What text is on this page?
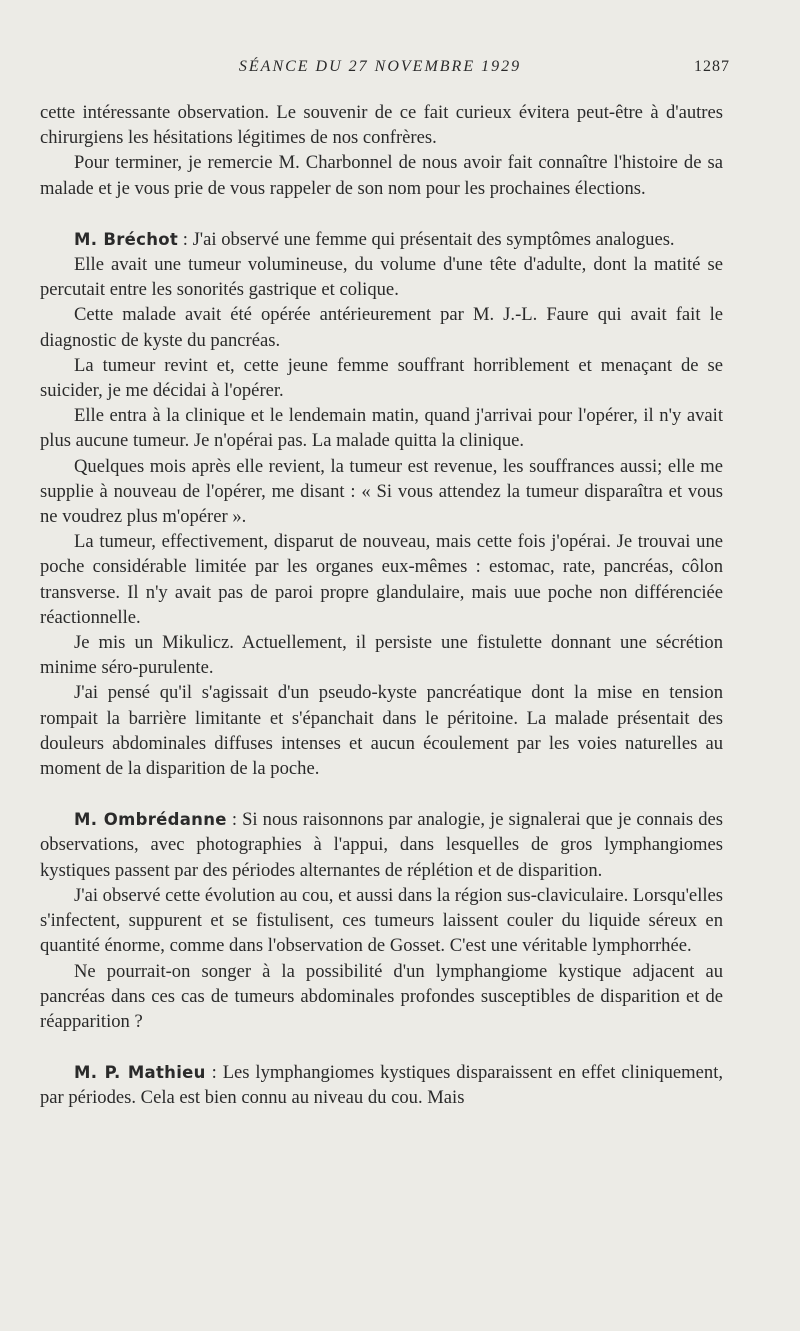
SÉANCE DU 27 NOVEMBRE 1929	1287

cette intéressante observation. Le souvenir de ce fait curieux évitera peut-être à d'autres chirurgiens les hésitations légitimes de nos confrères.

Pour terminer, je remercie M. Charbonnel de nous avoir fait connaître l'histoire de sa malade et je vous prie de vous rappeler de son nom pour les prochaines élections.

M. Bréchot : J'ai observé une femme qui présentait des symptômes analogues.

Elle avait une tumeur volumineuse, du volume d'une tête d'adulte, dont la matité se percutait entre les sonorités gastrique et colique.

Cette malade avait été opérée antérieurement par M. J.-L. Faure qui avait fait le diagnostic de kyste du pancréas.

La tumeur revint et, cette jeune femme souffrant horriblement et menaçant de se suicider, je me décidai à l'opérer.

Elle entra à la clinique et le lendemain matin, quand j'arrivai pour l'opérer, il n'y avait plus aucune tumeur. Je n'opérai pas. La malade quitta la clinique.

Quelques mois après elle revient, la tumeur est revenue, les souffrances aussi; elle me supplie à nouveau de l'opérer, me disant : « Si vous attendez la tumeur disparaîtra et vous ne voudrez plus m'opérer ».

La tumeur, effectivement, disparut de nouveau, mais cette fois j'opérai. Je trouvai une poche considérable limitée par les organes eux-mêmes : estomac, rate, pancréas, côlon transverse. Il n'y avait pas de paroi propre glandulaire, mais uue poche non différenciée réactionnelle.

Je mis un Mikulicz. Actuellement, il persiste une fistulette donnant une sécrétion minime séro-purulente.

J'ai pensé qu'il s'agissait d'un pseudo-kyste pancréatique dont la mise en tension rompait la barrière limitante et s'épanchait dans le péritoine. La malade présentait des douleurs abdominales diffuses intenses et aucun écoulement par les voies naturelles au moment de la disparition de la poche.

M. Ombrédanne : Si nous raisonnons par analogie, je signalerai que je connais des observations, avec photographies à l'appui, dans lesquelles de gros lymphangiomes kystiques passent par des périodes alternantes de réplétion et de disparition.

J'ai observé cette évolution au cou, et aussi dans la région sus-claviculaire. Lorsqu'elles s'infectent, suppurent et se fistulisent, ces tumeurs laissent couler du liquide séreux en quantité énorme, comme dans l'observation de Gosset. C'est une véritable lymphorrhée.

Ne pourrait-on songer à la possibilité d'un lymphangiome kystique adjacent au pancréas dans ces cas de tumeurs abdominales profondes susceptibles de disparition et de réapparition ?

M. P. Mathieu : Les lymphangiomes kystiques disparaissent en effet cliniquement, par périodes. Cela est bien connu au niveau du cou. Mais
